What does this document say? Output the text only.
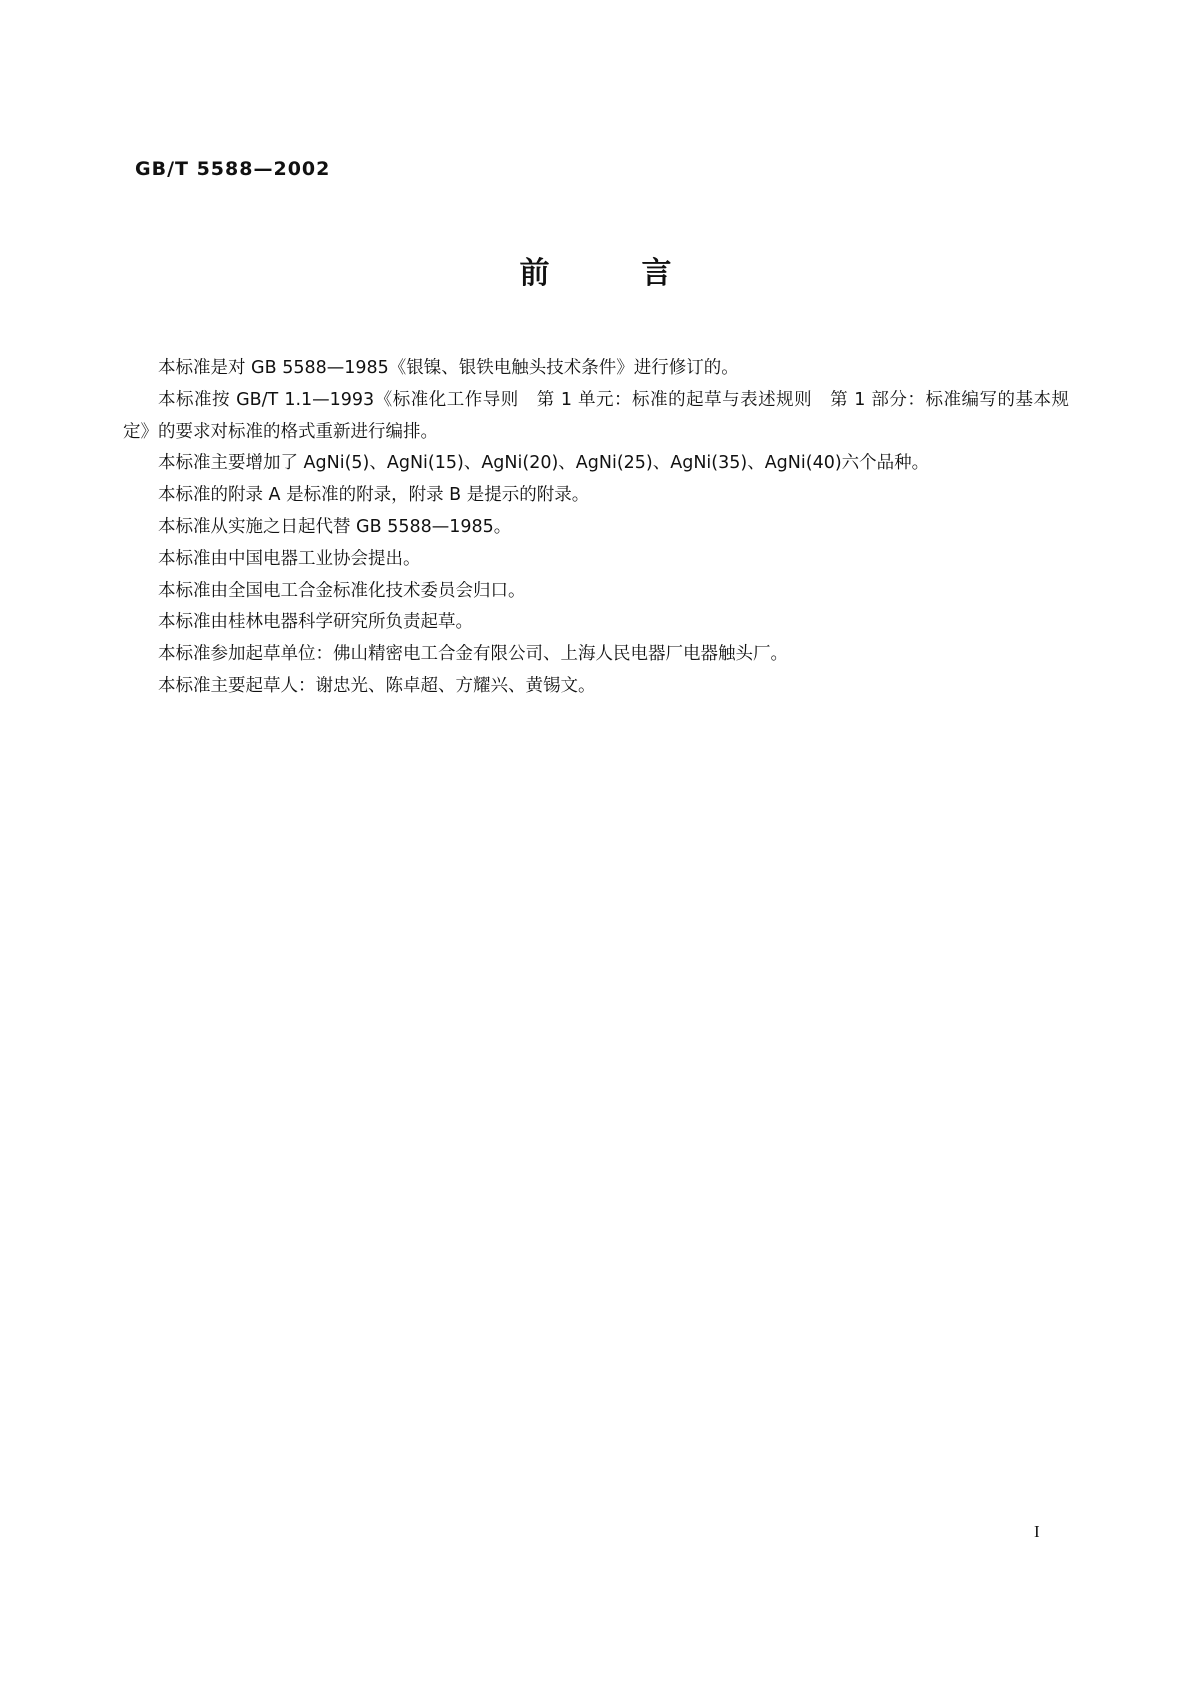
GB/T 5588—2002
前	言

本标准是对 GB 5588—1985《银镍、银铁电触头技术条件》进行修订的。

本标准按 GB/T 1.1—1993《标准化工作导则　第 1 单元：标准的起草与表述规则　第 1 部分：标准编写的基本规定》的要求对标准的格式重新进行编排。

本标准主要增加了 AgNi(5)、AgNi(15)、AgNi(20)、AgNi(25)、AgNi(35)、AgNi(40)六个品种。

本标准的附录 A 是标准的附录，附录 B 是提示的附录。

本标准从实施之日起代替 GB 5588—1985。

本标准由中国电器工业协会提出。

本标准由全国电工合金标准化技术委员会归口。

本标准由桂林电器科学研究所负责起草。

本标准参加起草单位：佛山精密电工合金有限公司、上海人民电器厂电器触头厂。

本标准主要起草人：谢忠光、陈卓超、方耀兴、黄锡文。

I
